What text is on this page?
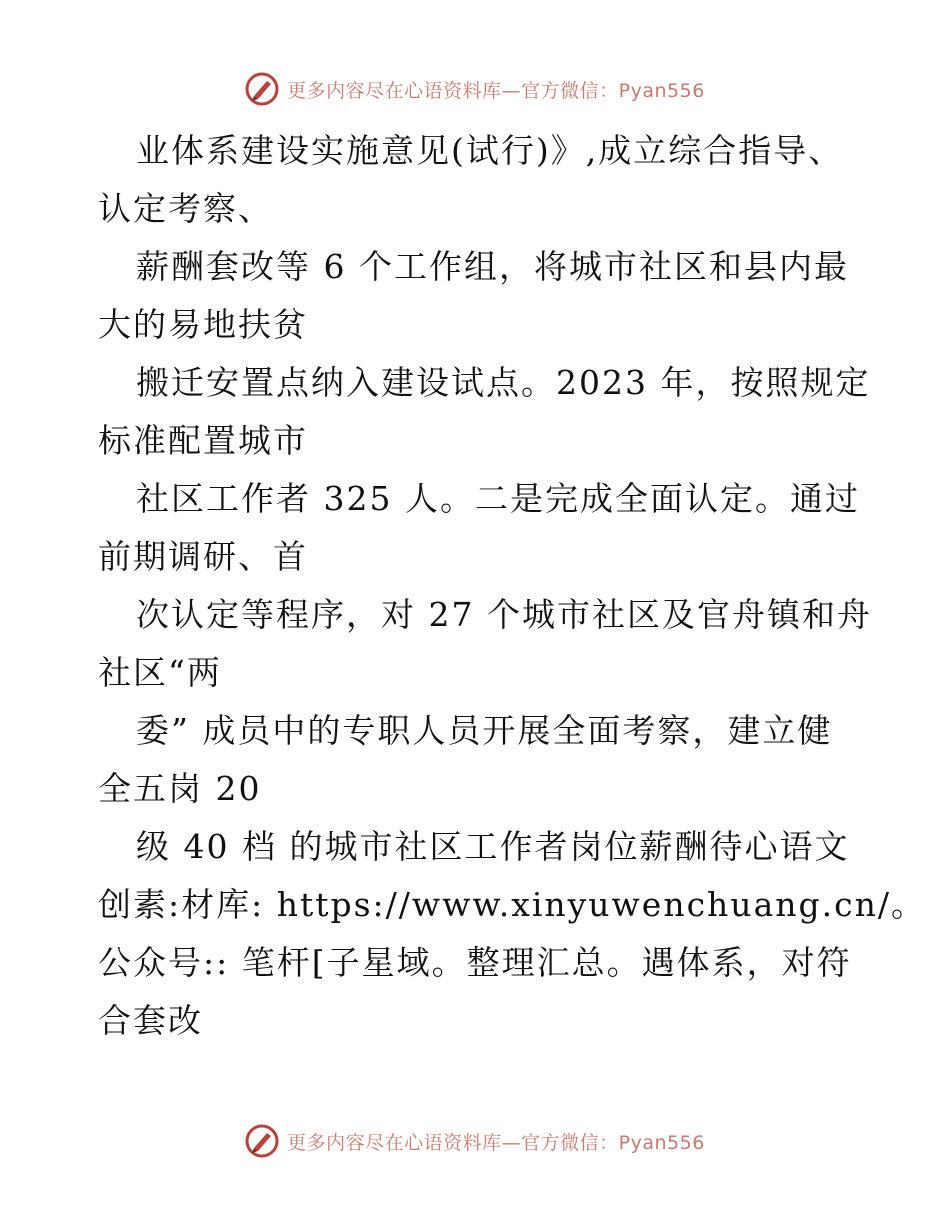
更多内容尽在心语资料库—官方微信：Pyan556
业体系建设实施意见(试行)》,成立综合指导、
认定考察、
薪酬套改等 6 个工作组，将城市社区和县内最
大的易地扶贫
搬迁安置点纳入建设试点。2023 年，按照规定
标准配置城市
社区工作者 325 人。二是完成全面认定。通过
前期调研、首
次认定等程序，对 27 个城市社区及官舟镇和舟
社区“两
委” 成员中的专职人员开展全面考察，建立健
全五岗 20
级 40 档 的城市社区工作者岗位薪酬待心语文
创素:材库: https://www.xinyuwenchuang.cn/。
公众号:: 笔杆[子星域。整理汇总。遇体系，对符
合套改
更多内容尽在心语资料库—官方微信：Pyan556
